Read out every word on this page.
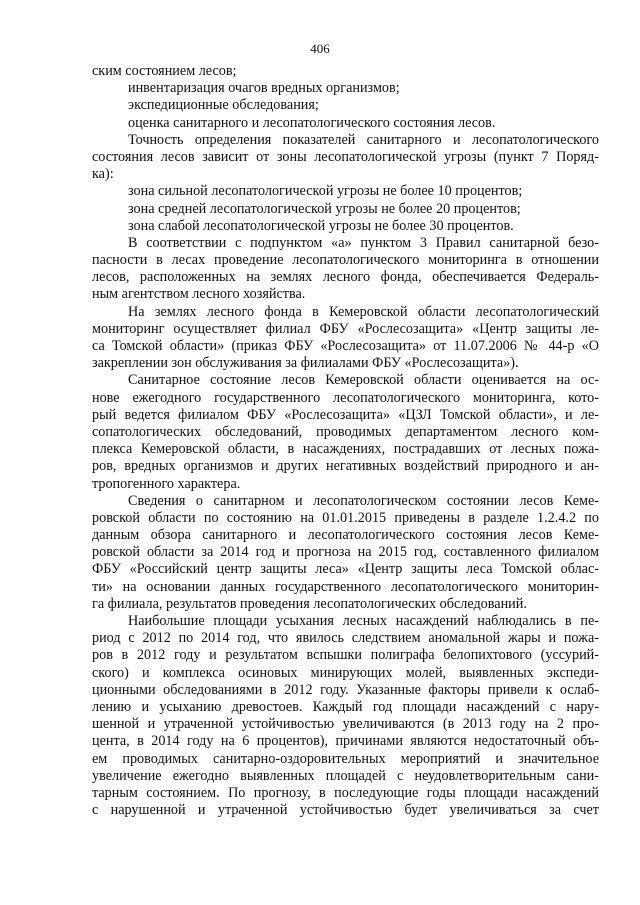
406
ским состоянием лесов;
инвентаризация очагов вредных организмов;
экспедиционные обследования;
оценка санитарного и лесопатологического состояния лесов.
Точность определения показателей санитарного и лесопатологического
состояния лесов зависит от зоны лесопатологической угрозы (пункт 7 Поряд-
ка):
зона сильной лесопатологической угрозы не более 10 процентов;
зона средней лесопатологической угрозы не более 20 процентов;
зона слабой лесопатологической угрозы не более 30 процентов.
В соответствии с подпунктом «а» пунктом 3 Правил санитарной безо-
пасности в лесах проведение лесопатологического мониторинга в отношении
лесов, расположенных на землях лесного фонда, обеспечивается Федераль-
ным агентством лесного хозяйства.
На землях лесного фонда в Кемеровской области лесопатологический
мониторинг осуществляет филиал ФБУ «Рослесозащита» «Центр защиты ле-
са Томской области» (приказ ФБУ «Рослесозащита» от 11.07.2006 № 44-р «О
закреплении зон обслуживания за филиалами ФБУ «Рослесозащита»).
Санитарное состояние лесов Кемеровской области оценивается на ос-
нове ежегодного государственного лесопатологического мониторинга, кото-
рый ведется филиалом ФБУ «Рослесозащита» «ЦЗЛ Томской области», и ле-
сопатологических обследований, проводимых департаментом лесного ком-
плекса Кемеровской области, в насаждениях, пострадавших от лесных пожа-
ров, вредных организмов и других негативных воздействий природного и ан-
тропогенного характера.
Сведения о санитарном и лесопатологическом состоянии лесов Кеме-
ровской области по состоянию на 01.01.2015 приведены в разделе 1.2.4.2 по
данным обзора санитарного и лесопатологического состояния лесов Кеме-
ровской области за 2014 год и прогноза на 2015 год, составленного филиалом
ФБУ «Российский центр защиты леса» «Центр защиты леса Томской облас-
ти» на основании данных государственного лесопатологического мониторин-
га филиала, результатов проведения лесопатологических обследований.
Наибольшие площади усыхания лесных насаждений наблюдались в пе-
риод с 2012 по 2014 год, что явилось следствием аномальной жары и пожа-
ров в 2012 году и результатом вспышки полиграфа белопихтового (уссурий-
ского) и комплекса осиновых минирующих молей, выявленных экспеди-
ционными обследованиями в 2012 году. Указанные факторы привели к ослаб-
лению и усыханию древостоев. Каждый год площади насаждений с нару-
шенной и утраченной устойчивостью увеличиваются (в 2013 году на 2 про-
цента, в 2014 году на 6 процентов), причинами являются недостаточный объ-
ем проводимых санитарно-оздоровительных мероприятий и значительное
увеличение ежегодно выявленных площадей с неудовлетворительным сани-
тарным состоянием. По прогнозу, в последующие годы площади насаждений
с нарушенной и утраченной устойчивостью будет увеличиваться за счет
